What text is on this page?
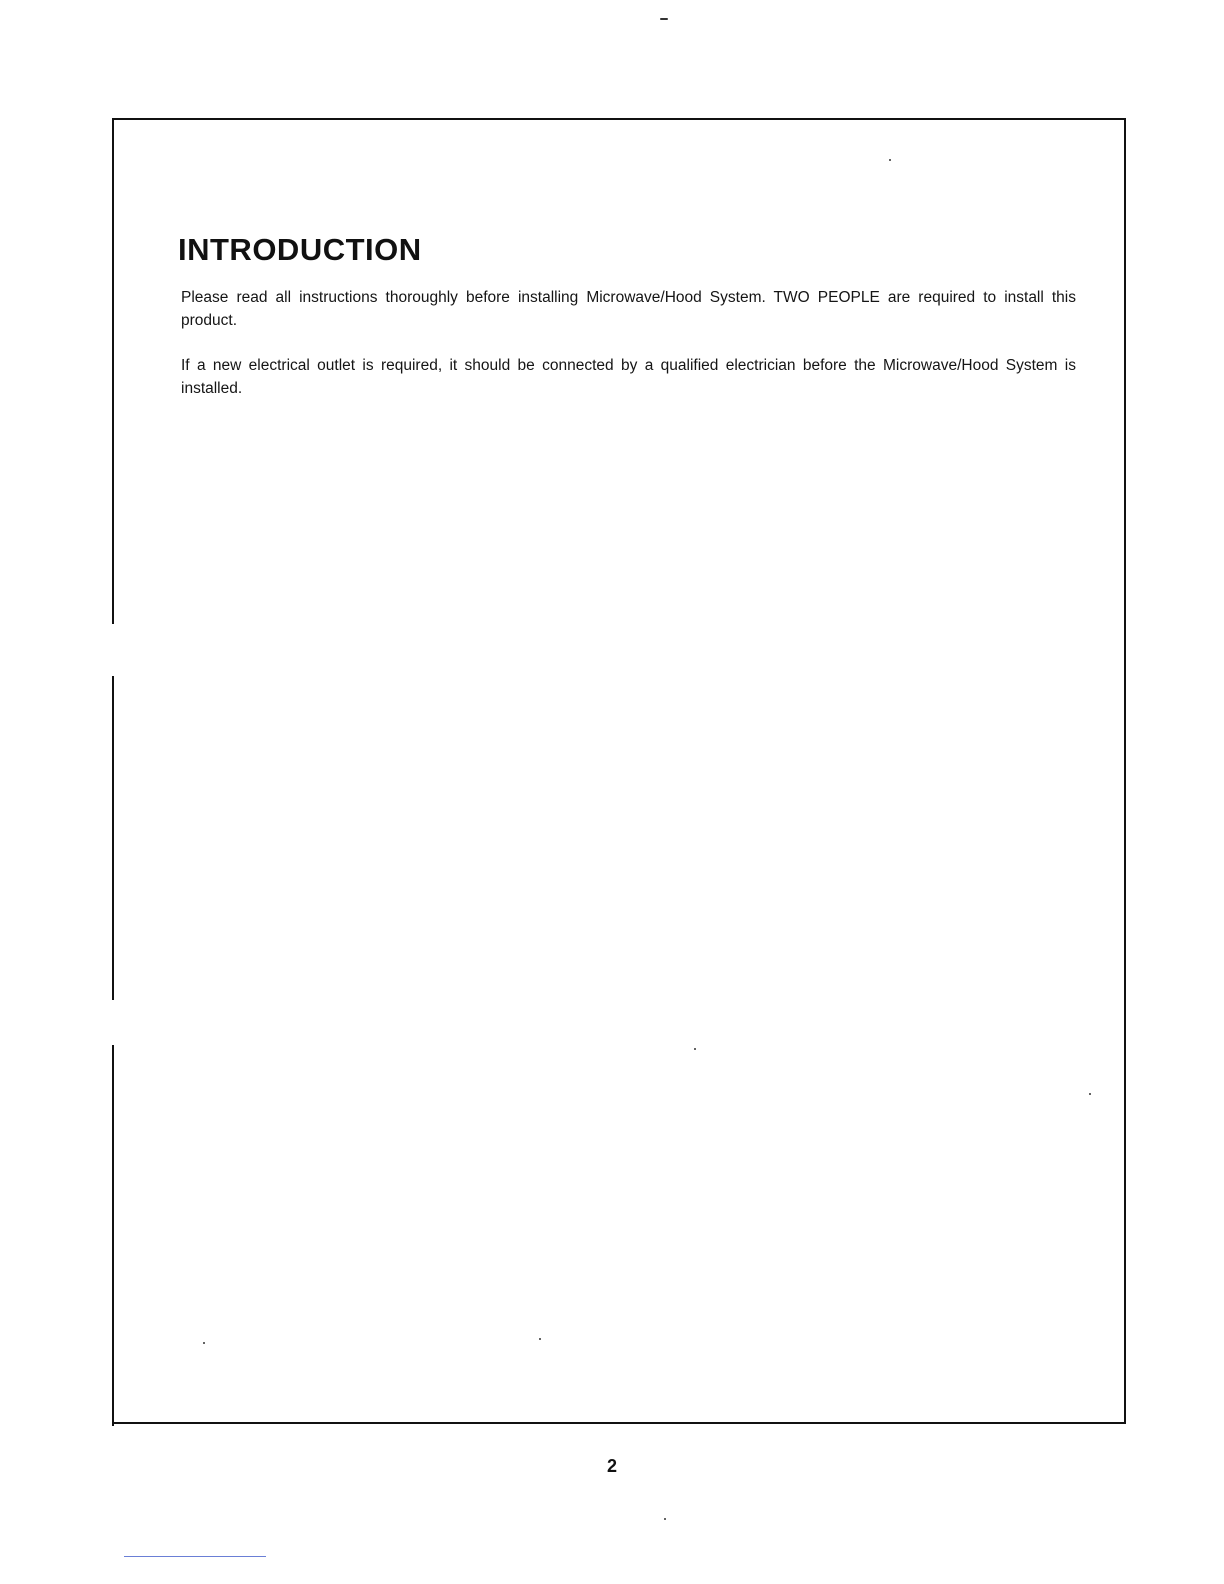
INTRODUCTION

Please read all instructions thoroughly before installing Microwave/Hood System. TWO PEOPLE are required to install this product.

If a new electrical outlet is required, it should be connected by a qualified electrician before the Microwave/Hood System is installed.

2
